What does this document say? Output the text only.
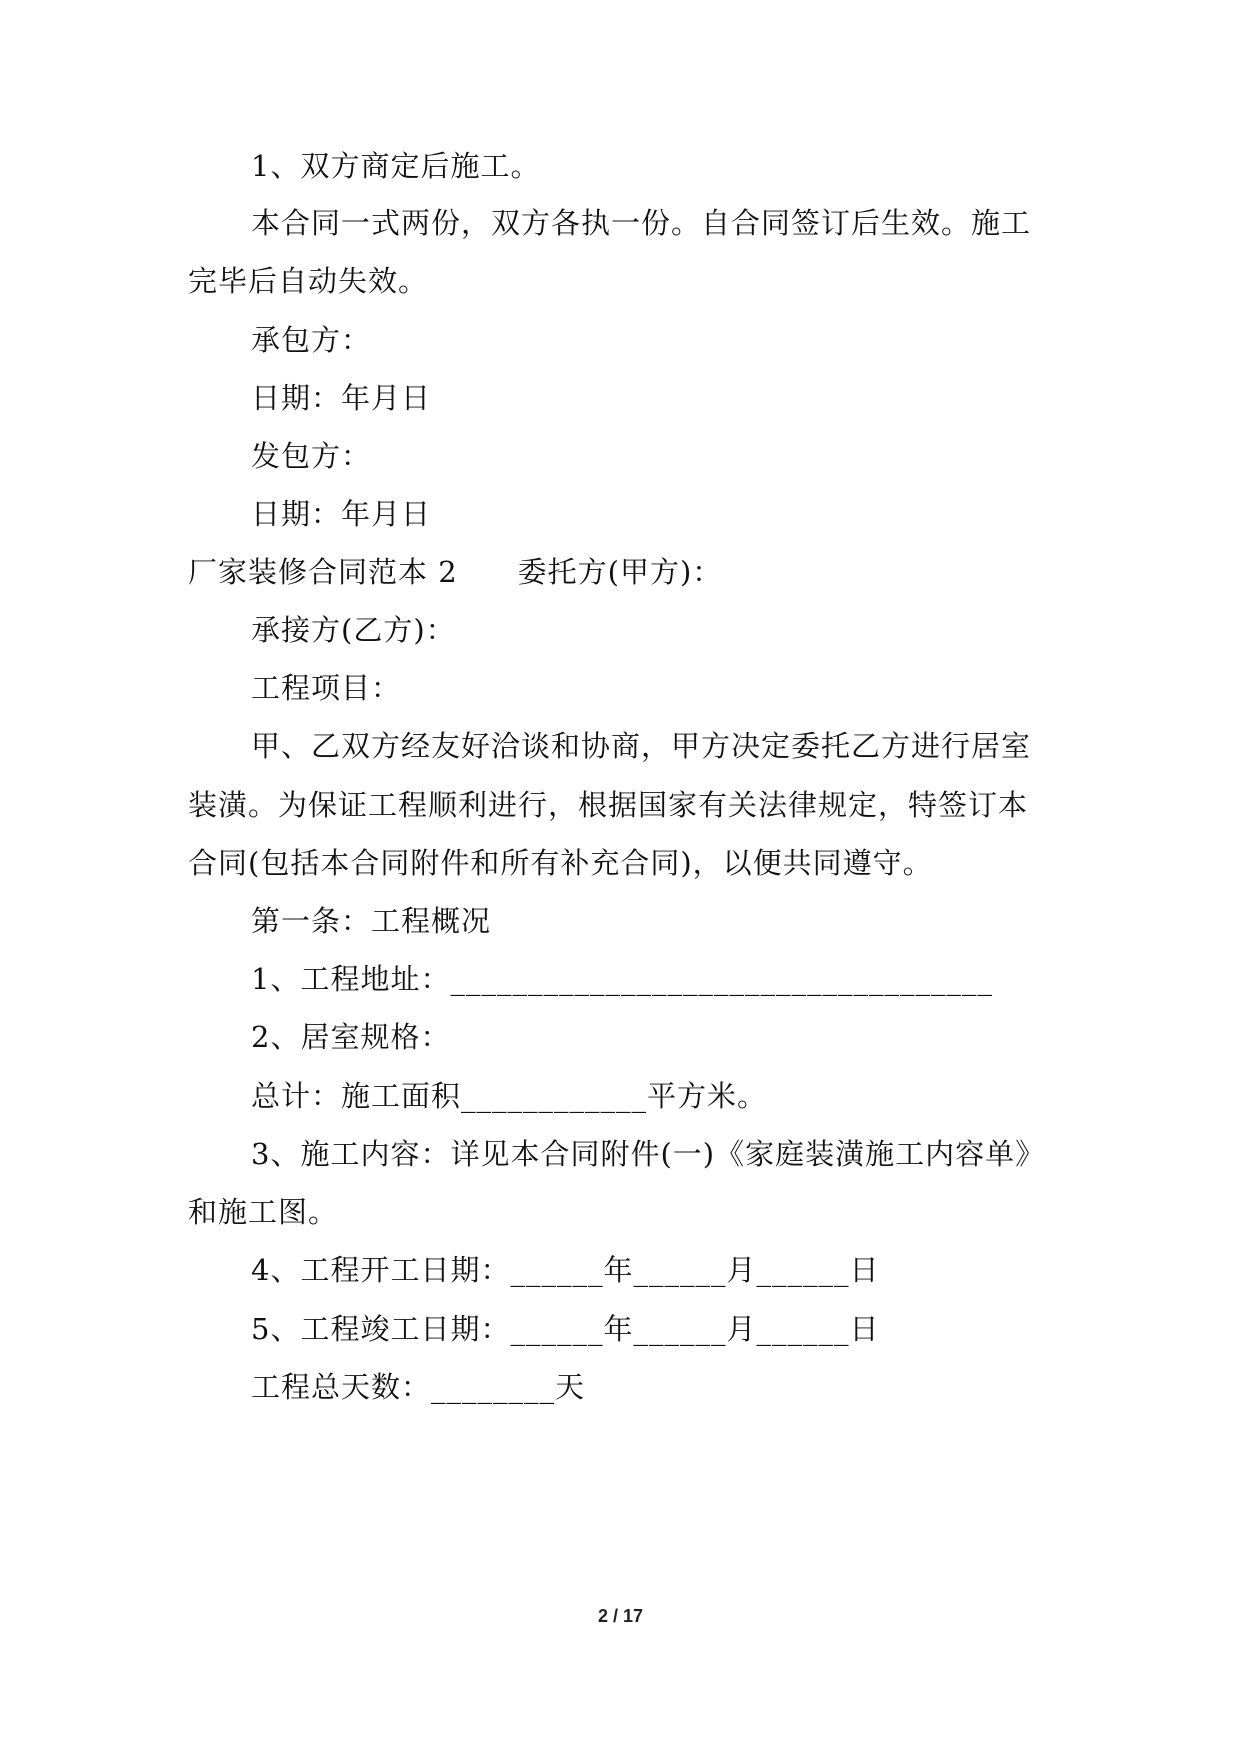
1、双方商定后施工。
本合同一式两份，双方各执一份。自合同签订后生效。施工
完毕后自动失效。
承包方：
日期：年月日
发包方：
日期：年月日
厂家装修合同范本 2 委托方(甲方)：
承接方(乙方)：
工程项目：
甲、乙双方经友好洽谈和协商，甲方决定委托乙方进行居室
装潢。为保证工程顺利进行，根据国家有关法律规定，特签订本
合同(包括本合同附件和所有补充合同)，以便共同遵守。
第一条：工程概况
1、工程地址：___________________________________
2、居室规格：
总计：施工面积____________平方米。
3、施工内容：详见本合同附件(一)《家庭装潢施工内容单》
和施工图。
4、工程开工日期：______年______月______日
5、工程竣工日期：______年______月______日
工程总天数：________天
2 / 17
